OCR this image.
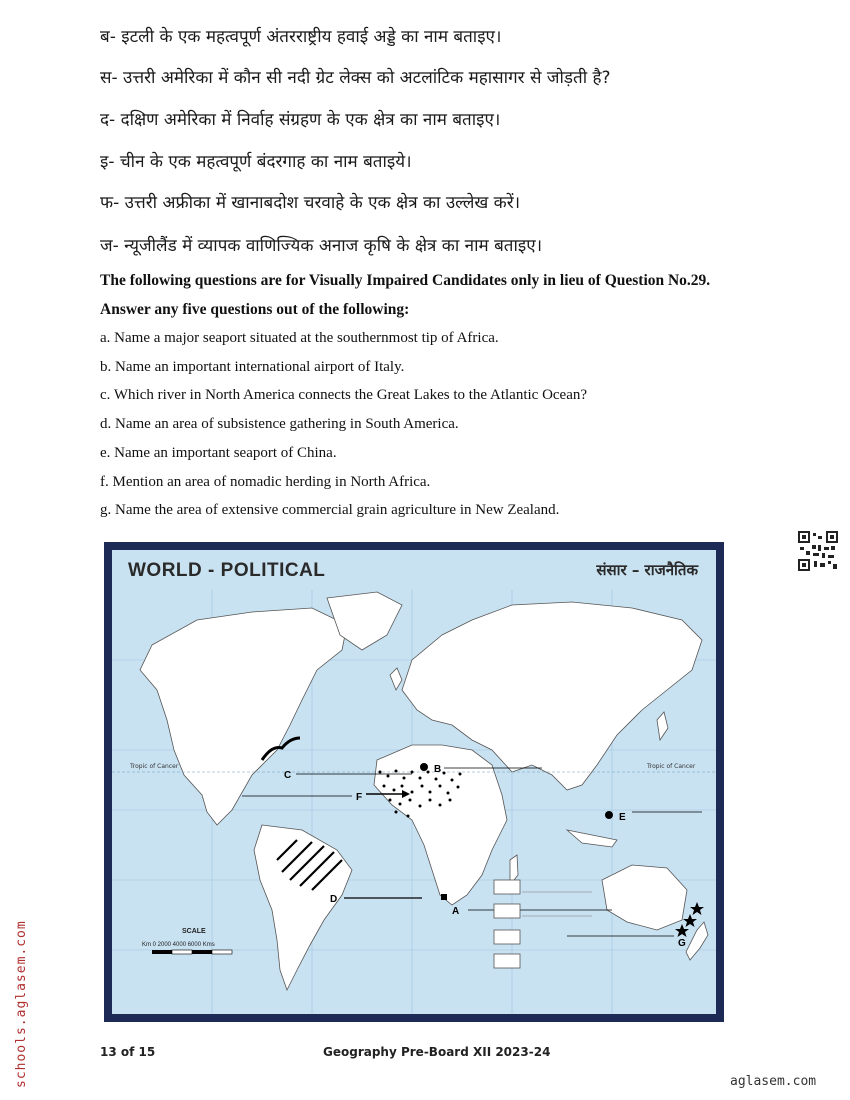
ब- इटली के एक महत्वपूर्ण अंतरराष्ट्रीय हवाई अड्डे का नाम बताइए।
स- उत्तरी अमेरिका में कौन सी नदी ग्रेट लेक्स को अटलांटिक महासागर से जोड़ती है?
द- दक्षिण अमेरिका में निर्वाह संग्रहण के एक क्षेत्र का नाम बताइए।
इ- चीन के एक महत्वपूर्ण बंदरगाह का नाम बताइये।
फ- उत्तरी अफ्रीका में खानाबदोश चरवाहे के एक क्षेत्र का उल्लेख करें।
ज- न्यूजीलैंड में व्यापक वाणिज्यिक अनाज कृषि के क्षेत्र का नाम बताइए।
The following questions are for Visually Impaired Candidates only in lieu of Question No.29.
Answer any five questions out of the following:
a. Name a major seaport situated at the southernmost tip of Africa.
b. Name an important international airport of Italy.
c. Which river in North America connects the Great Lakes to the Atlantic Ocean?
d. Name an area of subsistence gathering in South America.
e. Name an important seaport of China.
f. Mention an area of nomadic herding in North Africa.
g. Name the area of extensive commercial grain agriculture in New Zealand.
Tropic of Cancer	Tropic of Cancer
C
B
F
E
D
A
G
SCALE
Km 0 2000 4000 6000 Kms
WORLD - POLITICAL	संसार – राजनैतिक
13 of 15	Geography Pre-Board XII 2023-24
schools.aglasem.com	aglasem.com
